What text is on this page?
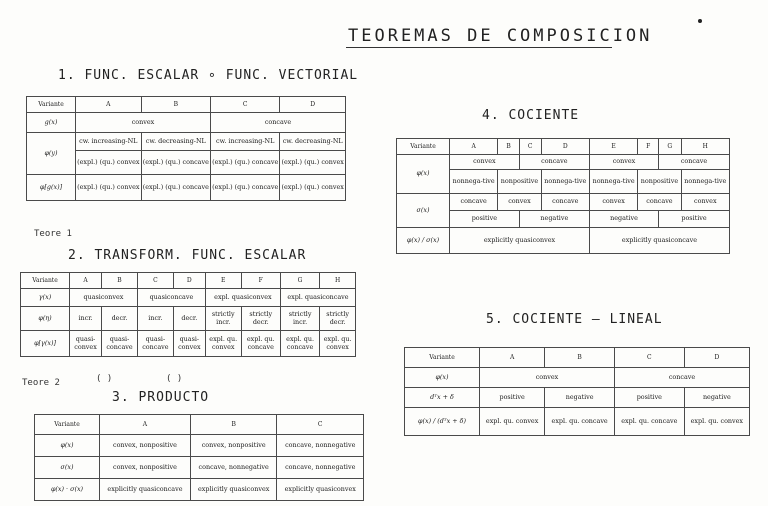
TEOREMAS DE COMPOSICION
1. FUNC. ESCALAR ∘ FUNC. VECTORIAL
Variante	A	B	C	D
g(x)	convex		concave	
φ(y)	cw. increasing-NL	cw. decreasing-NL	cw. increasing-NL	cw. decreasing-NL
	(expl.) (qu.) convex	(expl.) (qu.) concave	(expl.) (qu.) concave	(expl.) (qu.) convex
φ[g(x)]	(expl.) (qu.) convex	(expl.) (qu.) concave	(expl.) (qu.) concave	(expl.) (qu.) convex
Teore 1
2. TRANSFORM. FUNC. ESCALAR
Variante	A	B	C	D	E	F	G	H
γ(x)	quasiconvex		quasiconcave		expl. quasiconvex		expl. quasiconcave	
φ(η)	incr.	decr.	incr.	decr.	strictly incr.	strictly decr.	strictly incr.	strictly decr.
φ[γ(x)]	quasi-convex	quasi-concave	quasi-concave	quasi-convex	expl. qu. convex	expl. qu. concave	expl. qu. concave	expl. qu. convex
Teore 2	( )	( )
3. PRODUCTO
Variante	A	B	C
φ(x)	convex, nonpositive	convex, nonpositive	concave, nonnegative
σ(x)	convex, nonpositive	concave, nonnegative	concave, nonnegative
φ(x) · σ(x)	explicitly quasiconcave	explicitly quasiconvex	explicitly quasiconvex
4. COCIENTE
Variante	A	B	C	D	E	F	G	H
φ(x)	convex		concave		convex		concave	
	nonnega-tive	nonpositive		nonnega-tive	nonnega-tive	nonpositive		nonnega-tive
σ(x)	concave	convex		concave	convex	concave		convex
	positive		negative		negative		positive	
φ(x) / σ(x)	explicitly quasiconvex				explicitly quasiconcave			
5. COCIENTE – LINEAL
Variante	A	B	C	D
φ(x)	convex		concave	
dᵀx + δ	positive	negative	positive	negative
φ(x) / (dᵀx + δ)	expl. qu. convex	expl. qu. concave	expl. qu. concave	expl. qu. convex
